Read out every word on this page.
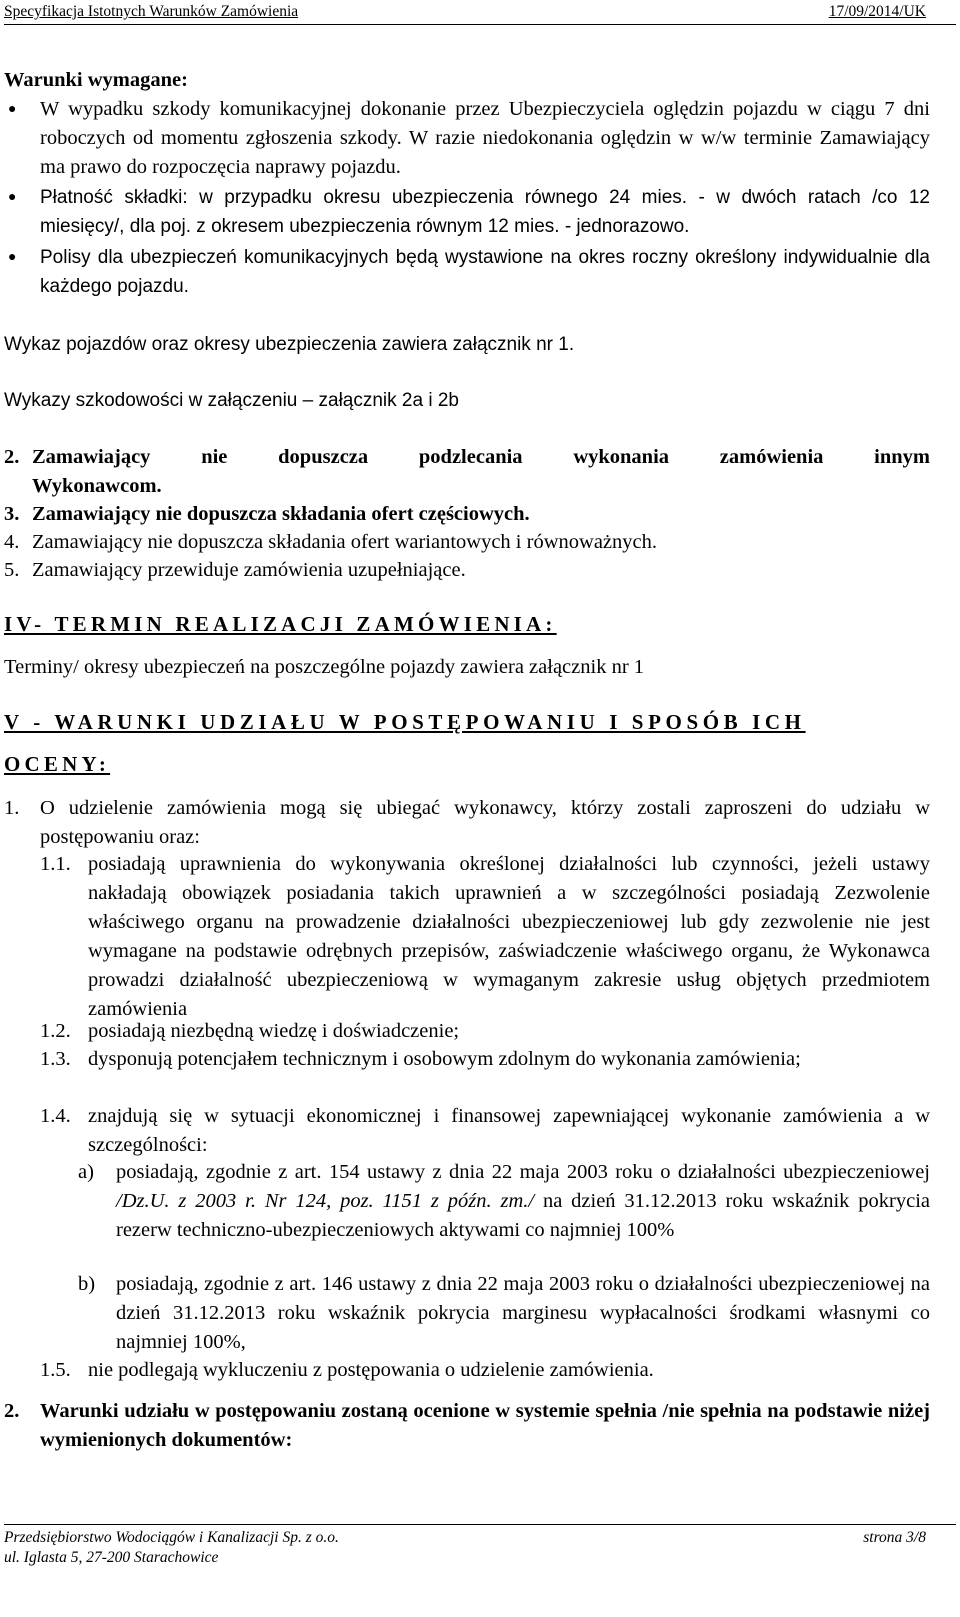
Specyfikacja Istotnych Warunków Zamówienia	17/09/2014/UK
Warunki wymagane:
● W wypadku szkody komunikacyjnej dokonanie przez Ubezpieczyciela oględzin pojazdu w ciągu 7 dni roboczych od momentu zgłoszenia szkody. W razie niedokonania oględzin w w/w terminie Zamawiający ma prawo do rozpoczęcia naprawy pojazdu.
● Płatność składki: w przypadku okresu ubezpieczenia równego 24 mies. - w dwóch ratach /co 12 miesięcy/, dla poj. z okresem ubezpieczenia równym 12 mies. - jednorazowo.
● Polisy dla ubezpieczeń komunikacyjnych będą wystawione na okres roczny określony indywidualnie dla każdego pojazdu.
Wykaz pojazdów oraz okresy ubezpieczenia zawiera załącznik nr 1.
Wykazy szkodowości w załączeniu – załącznik 2a i 2b
2. Zamawiający nie dopuszcza podzlecania wykonania zamówienia innym
Wykonawcom.
3. Zamawiający nie dopuszcza składania ofert częściowych.
4. Zamawiający nie dopuszcza składania ofert wariantowych i równoważnych.
5. Zamawiający przewiduje zamówienia uzupełniające.
IV- TERMIN REALIZACJI ZAMÓWIENIA:
Terminy/ okresy ubezpieczeń na poszczególne pojazdy zawiera załącznik nr 1
V - WARUNKI UDZIAŁU W POSTĘPOWANIU I SPOSÓB ICH
OCENY:
1. O udzielenie zamówienia mogą się ubiegać wykonawcy, którzy zostali zaproszeni do udziału w postępowaniu oraz:
1.1. posiadają uprawnienia do wykonywania określonej działalności lub czynności, jeżeli ustawy nakładają obowiązek posiadania takich uprawnień a w szczególności posiadają Zezwolenie właściwego organu na prowadzenie działalności ubezpieczeniowej lub gdy zezwolenie nie jest wymagane na podstawie odrębnych przepisów, zaświadczenie właściwego organu, że Wykonawca prowadzi działalność ubezpieczeniową w wymaganym zakresie usług objętych przedmiotem zamówienia
1.2. posiadają niezbędną wiedzę i doświadczenie;
1.3. dysponują potencjałem technicznym i osobowym zdolnym do wykonania zamówienia;
1.4. znajdują się w sytuacji ekonomicznej i finansowej zapewniającej wykonanie zamówienia a w szczególności:
a) posiadają, zgodnie z art. 154 ustawy z dnia 22 maja 2003 roku o działalności ubezpieczeniowej /Dz.U. z 2003 r. Nr 124, poz. 1151 z późn. zm./ na dzień 31.12.2013 roku wskaźnik pokrycia rezerw techniczno-ubezpieczeniowych aktywami co najmniej 100%
b) posiadają, zgodnie z art. 146 ustawy z dnia 22 maja 2003 roku o działalności ubezpieczeniowej na dzień 31.12.2013 roku wskaźnik pokrycia marginesu wypłacalności środkami własnymi co najmniej 100%,
1.5. nie podlegają wykluczeniu z postępowania o udzielenie zamówienia.
2. Warunki udziału w postępowaniu zostaną ocenione w systemie spełnia /nie spełnia na podstawie niżej wymienionych dokumentów:
Przedsiębiorstwo Wodociągów i Kanalizacji Sp. z o.o.
ul. Iglasta 5, 27-200 Starachowice
strona 3/8
